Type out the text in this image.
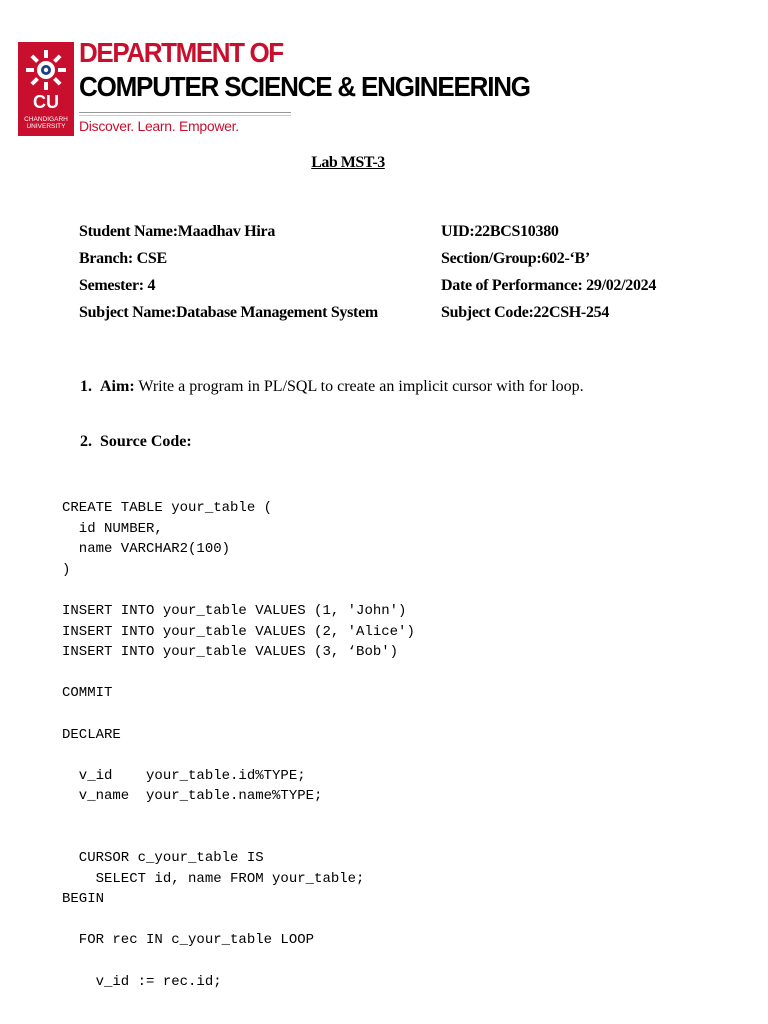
CU
CHANDIGARH UNIVERSITY
DEPARTMENT OF
COMPUTER SCIENCE & ENGINEERING
Discover. Learn. Empower.
Lab MST-3
Student Name:Maadhav Hira
Branch: CSE
Semester: 4
Subject Name:Database Management System
UID:22BCS10380
Section/Group:602-‘B’
Date of Performance: 29/02/2024
Subject Code:22CSH-254
1. Aim: Write a program in PL/SQL to create an implicit cursor with for loop.
2. Source Code:
CREATE TABLE your_table (
id NUMBER,
name VARCHAR2(100)
)

INSERT INTO your_table VALUES (1, 'John')
INSERT INTO your_table VALUES (2, 'Alice')
INSERT INTO your_table VALUES (3, ‘Bob')

COMMIT

DECLARE

v_id    your_table.id%TYPE;
v_name  your_table.name%TYPE;

CURSOR c_your_table IS
SELECT id, name FROM your_table;
BEGIN

FOR rec IN c_your_table LOOP

v_id := rec.id;
